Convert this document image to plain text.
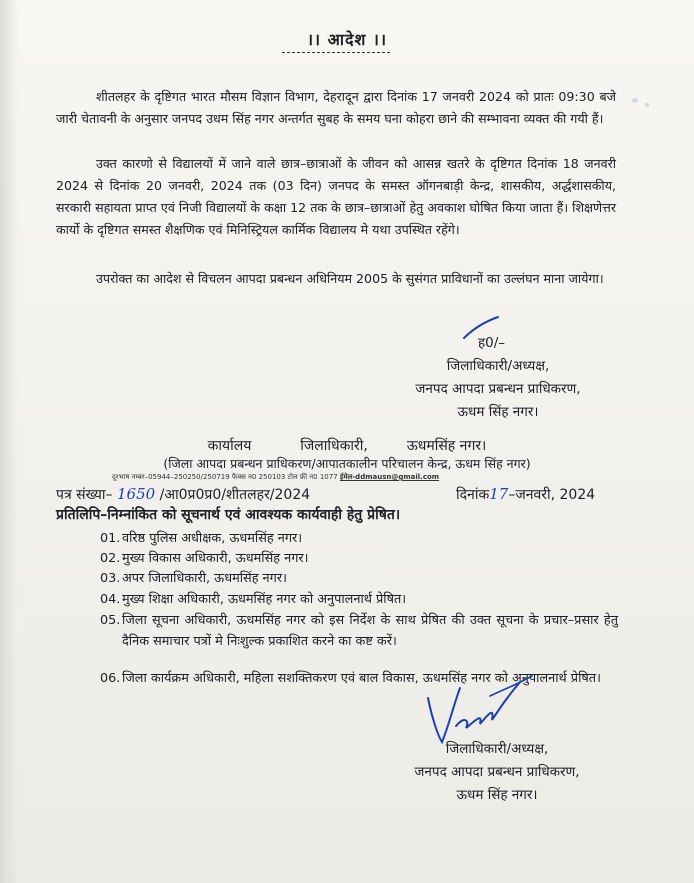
।। आदेश ।।
शीतलहर के दृष्टिगत भारत मौसम विज्ञान विभाग, देहरादून द्वारा दिनांक 17 जनवरी 2024 को प्रातः 09:30 बजे जारी चेतावनी के अनुसार जनपद उधम सिंह नगर अन्तर्गत सुबह के समय घना कोहरा छाने की सम्भावना व्यक्त की गयी हैं।
उक्त कारणो से विद्यालयों में जाने वाले छात्र–छात्राओं के जीवन को आसन्न खतरे के दृष्टिगत दिनांक 18 जनवरी 2024 से दिनांक 20 जनवरी, 2024 तक (03 दिन) जनपद के समस्त ऑगनबाड़ी केन्द्र, शासकीय, अर्द्धशासकीय, सरकारी सहायता प्राप्त एवं निजी विद्यालयों के कक्षा 12 तक के छात्र–छात्राओं हेतु अवकाश घोषित किया जाता हैं। शिक्षणेत्तर कार्यो के दृष्टिगत समस्त शैक्षणिक एवं मिनिस्ट्रियल कार्मिक विद्यालय मे यथा उपस्थित रहेंगे।
उपरोक्त का आदेश से विचलन आपदा प्रबन्धन अधिनियम 2005 के सुसंगत प्राविधानों का उल्लंघन माना जायेगा।
ह0/–
जिलाधिकारी/अध्यक्ष,
जनपद आपदा प्रबन्धन प्राधिकरण,
ऊधम सिंह नगर।
कार्यालय	जिलाधिकारी,	ऊधमसिंह नगर।
(जिला आपदा प्रबन्धन प्राधिकरण/आपातकालीन परिचालन केन्द्र, ऊधम सिंह नगर)
दूरभाष नम्बर–05944–250250/250719 फैक्स न0 250103 टोल फ्री न0 1077 ईमेल-ddmausn@gmail.com
पत्र संख्या– 1650 /आ0प्र0प्र0/शीतलहर/2024	दिनांक17–जनवरी, 2024
प्रतिलिपि–निम्नांकित को सूचनार्थ एवं आवश्यक कार्यवाही हेतु प्रेषित।
01. वरिष्ठ पुलिस अधीक्षक, ऊधमसिंह नगर।
02. मुख्य विकास अधिकारी, ऊधमसिंह नगर।
03. अपर जिलाधिकारी, ऊधमसिंह नगर।
04. मुख्य शिक्षा अधिकारी, ऊधमसिंह नगर को अनुपालनार्थ प्रेषित।
05. जिला सूचना अधिकारी, ऊधमसिंह नगर को इस निर्देश के साथ प्रेषित की उक्त सूचना के प्रचार–प्रसार हेतु दैनिक समाचार पत्रों मे निःशुल्क प्रकाशित करने का कष्ट करें।
06. जिला कार्यक्रम अधिकारी, महिला सशक्तिकरण एवं बाल विकास, ऊधमसिंह नगर को अनुपालनार्थ प्रेषित।
जिलाधिकारी/अध्यक्ष,
जनपद आपदा प्रबन्धन प्राधिकरण,
ऊधम सिंह नगर।
